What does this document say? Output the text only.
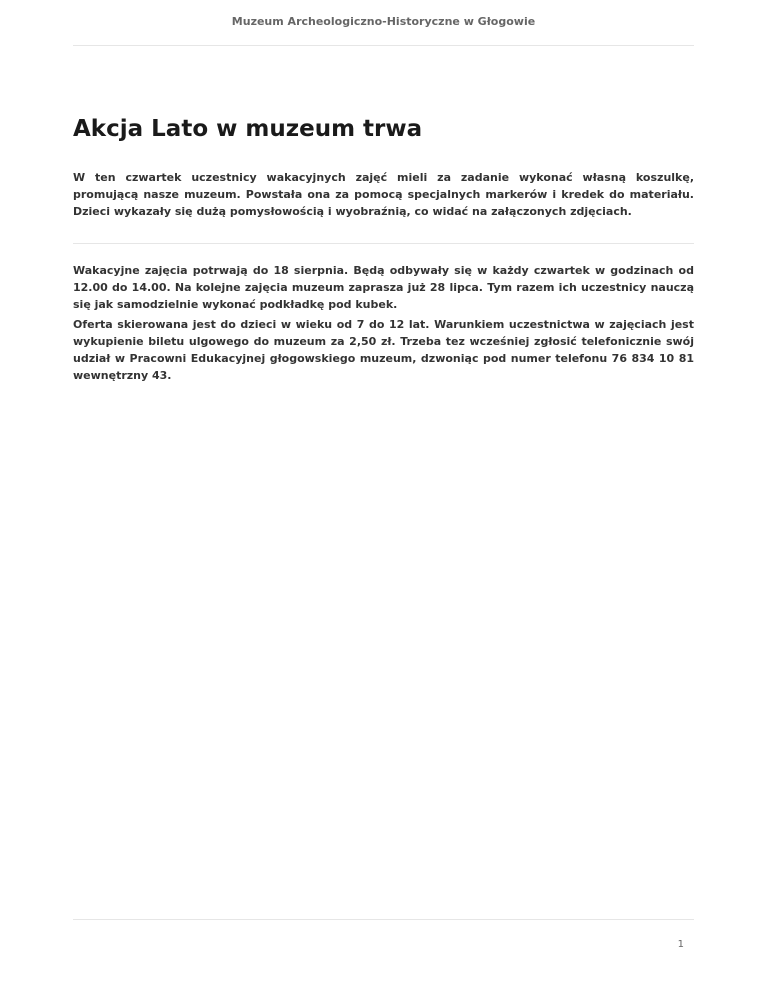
Muzeum Archeologiczno-Historyczne w Głogowie
Akcja Lato w muzeum trwa

W ten czwartek uczestnicy wakacyjnych zajęć mieli za zadanie wykonać własną koszulkę, promującą nasze muzeum. Powstała ona za pomocą specjalnych markerów i kredek do materiału. Dzieci wykazały się dużą pomysłowością i wyobraźnią, co widać na załączonych zdjęciach.

Wakacyjne zajęcia potrwają do 18 sierpnia. Będą odbywały się w każdy czwartek w godzinach od 12.00 do 14.00. Na kolejne zajęcia muzeum zaprasza już 28 lipca. Tym razem ich uczestnicy nauczą się jak samodzielnie wykonać podkładkę pod kubek.

Oferta skierowana jest do dzieci w wieku od 7 do 12 lat. Warunkiem uczestnictwa w zajęciach jest wykupienie biletu ulgowego do muzeum za 2,50 zł. Trzeba tez wcześniej zgłosić telefonicznie swój udział w Pracowni Edukacyjnej głogowskiego muzeum, dzwoniąc pod numer telefonu 76 834 10 81 wewnętrzny 43.

1
